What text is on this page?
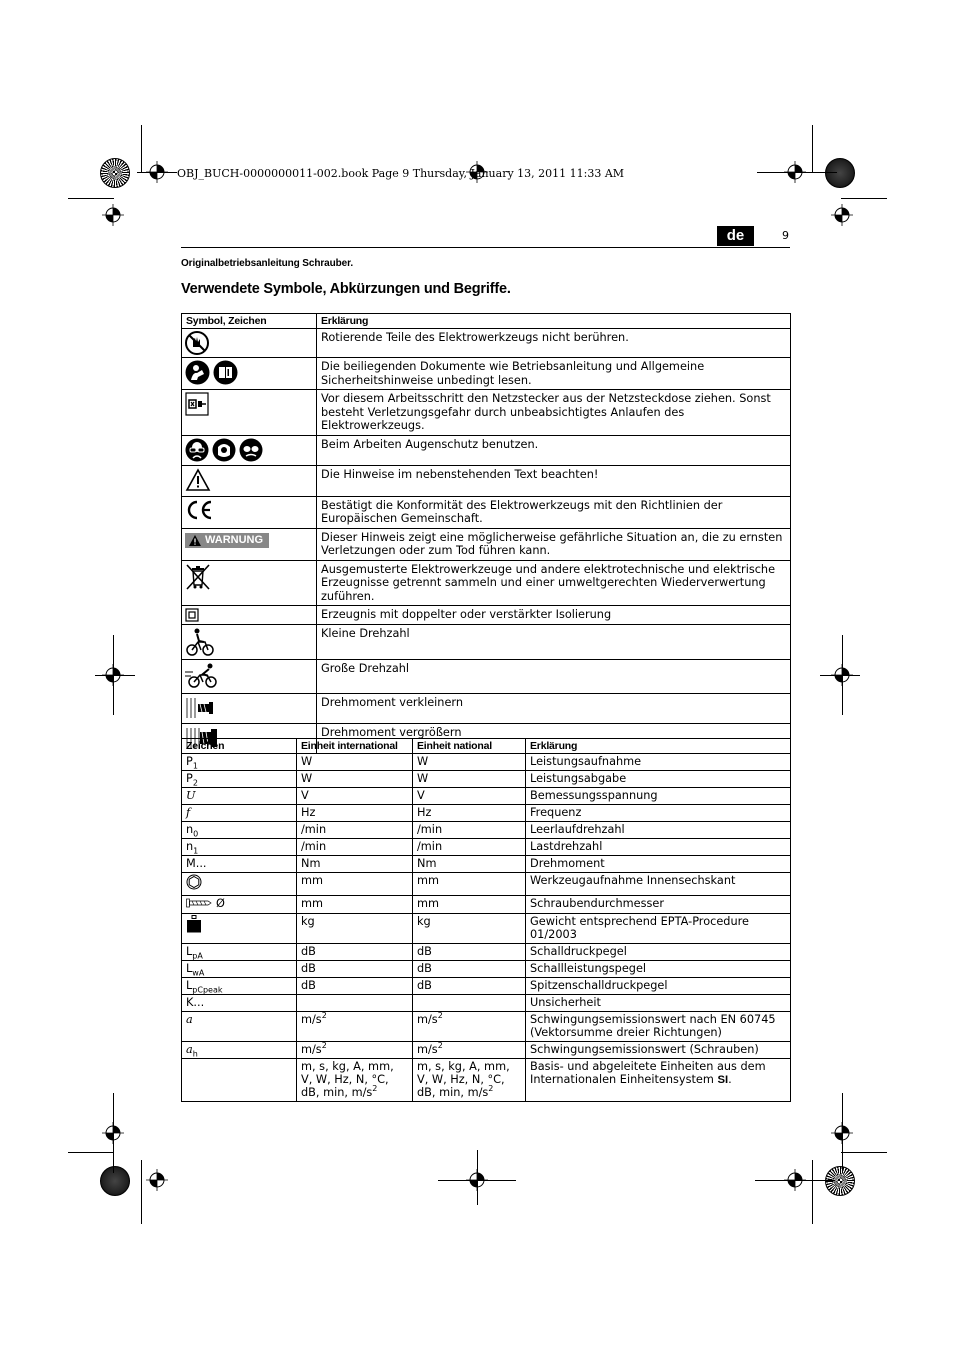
OBJ_BUCH-0000000011-002.book Page 9 Thursday, January 13, 2011 11:33 AM
de	9
Originalbetriebsanleitung Schrauber.
Verwendete Symbole, Abkürzungen und Begriffe.
Symbol, Zeichen	Erklärung

	Rotierende Teile des Elektrowerkzeugs nicht berühren.

	Die beiliegenden Dokumente wie Betriebsanleitung und Allgemeine Sicherheitshinweise unbedingt lesen.

	Vor diesem Arbeitsschritt den Netzstecker aus der Netzsteckdose ziehen. Sonst besteht Verletzungsgefahr durch unbeabsichtigtes Anlaufen des Elektrowerkzeugs.

	Beim Arbeiten Augenschutz benutzen.

	Die Hinweise im nebenstehenden Text beachten!

	Bestätigt die Konformität des Elektrowerkzeugs mit den Richtlinien der Europäischen Gemeinschaft.

WARNUNG	Dieser Hinweis zeigt eine möglicherweise gefährliche Situation an, die zu ernsten Verletzungen oder zum Tod führen kann.

	Ausgemusterte Elektrowerkzeuge und andere elektrotechnische und elektrische Erzeugnisse getrennt sammeln und einer umweltgerechten Wiederverwertung zuführen.

	Erzeugnis mit doppelter oder verstärkter Isolierung

	Kleine Drehzahl

	Große Drehzahl

	Drehmoment verkleinern

	Drehmoment vergrößern
Zeichen	Einheit international	Einheit national	Erklärung
$P_1$	W	W	Leistungsaufnahme
$P_2$	W	W	Leistungsabgabe
U	V	V	Bemessungsspannung
f	Hz	Hz	Frequenz
$n_0$	/min	/min	Leerlaufdrehzahl
$n_1$	/min	/min	Lastdrehzahl
M...	Nm	Nm	Drehmoment
	mm	mm	Werkzeugaufnahme Innensechskant
Ø	mm	mm	Schraubendurchmesser
	kg	kg	Gewicht entsprechend EPTA-Procedure 01/2003
$L_{pA}$	dB	dB	Schalldruckpegel
$L_{wA}$	dB	dB	Schallleistungspegel
$L_{pCpeak}$	dB	dB	Spitzenschalldruckpegel
K...			Unsicherheit
a	$m/s^2$	$m/s^2$	Schwingungsemissionswert nach EN 60745 (Vektorsumme dreier Richtungen)
$a_h$	$m/s^2$	$m/s^2$	Schwingungsemissionswert (Schrauben)
	m, s, kg, A, mm, V, W, Hz, N, °C, dB, min, $m/s^2$	m, s, kg, A, mm, V, W, Hz, N, °C, dB, min, $m/s^2$	Basis- und abgeleitete Einheiten aus dem Internationalen Einheitensystem SI.
